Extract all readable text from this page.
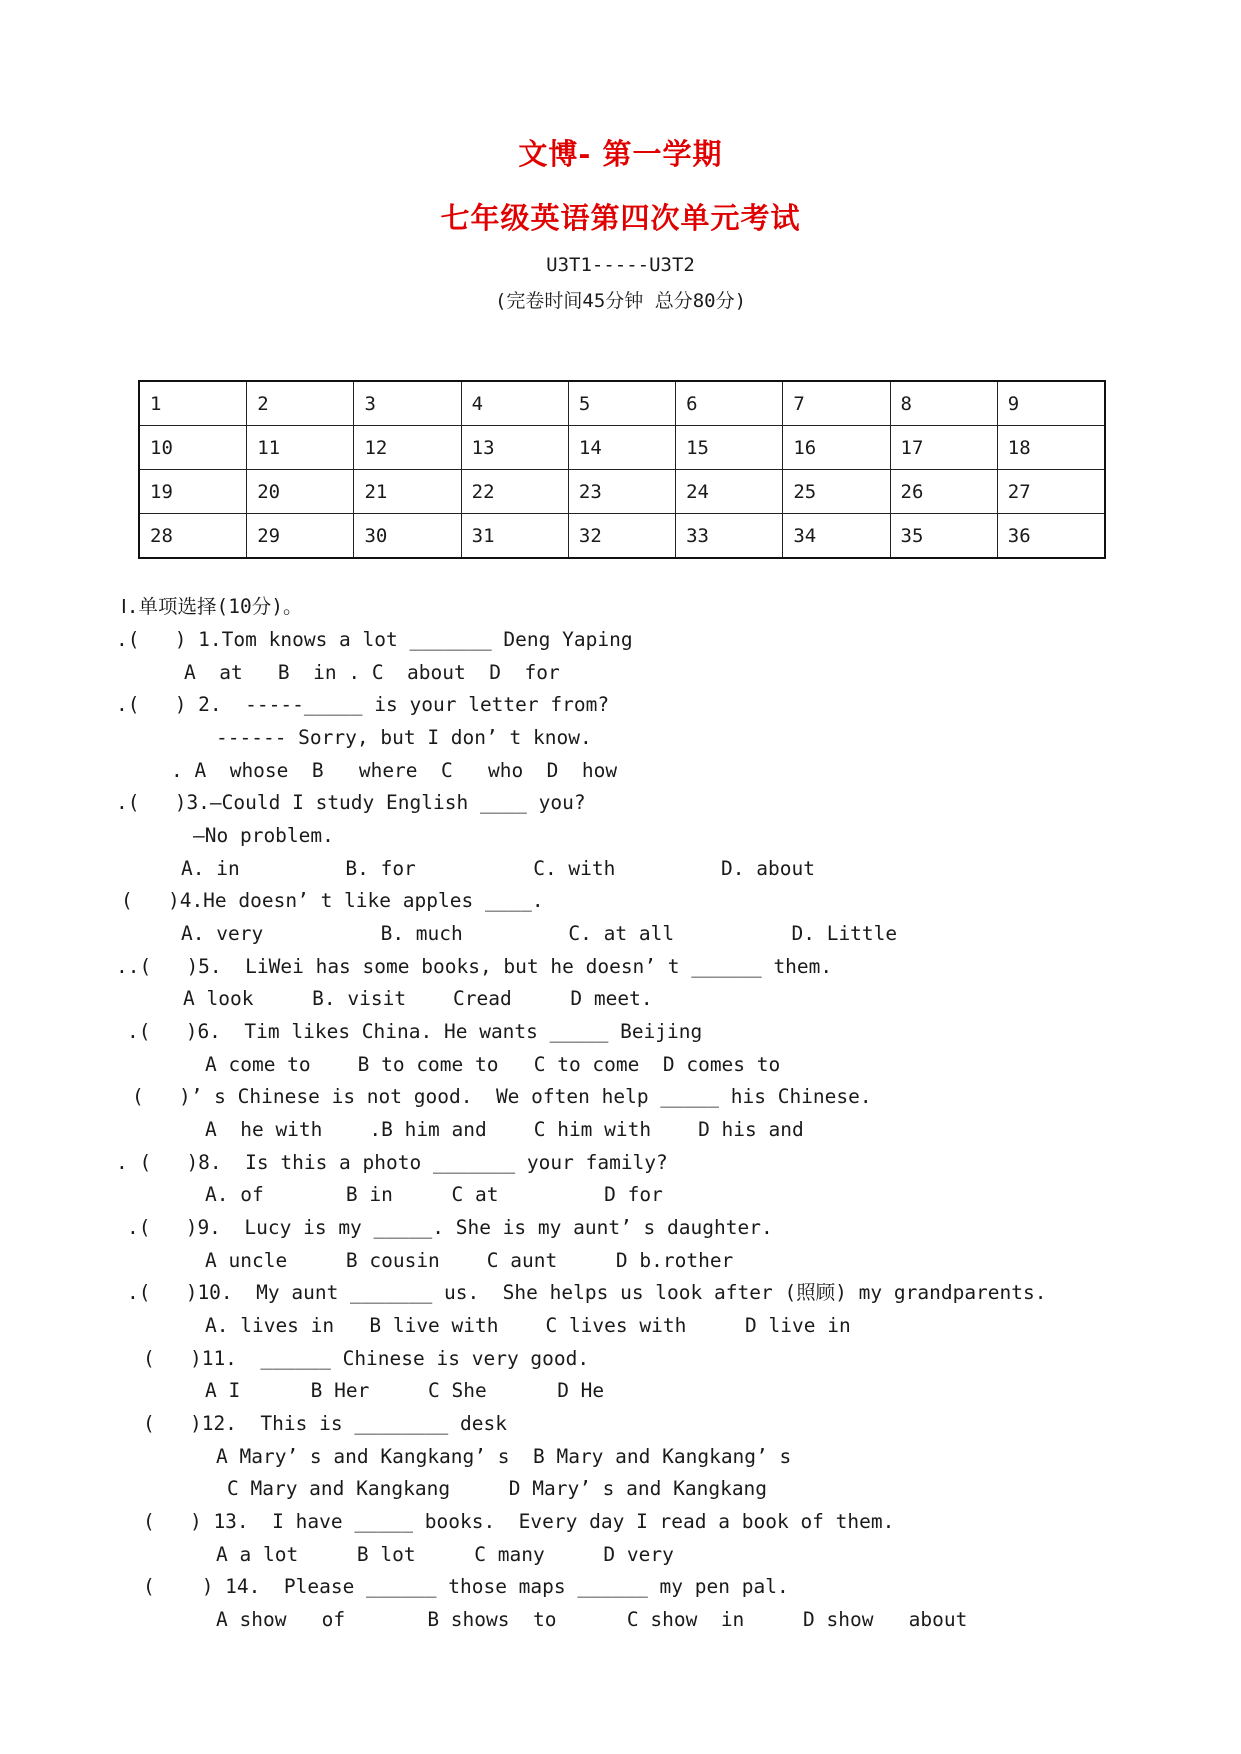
文博- 第一学期
七年级英语第四次单元考试
U3T1-----U3T2
(完卷时间45分钟 总分80分)
1	2	3	4	5	6	7	8	9
10	11	12	13	14	15	16	17	18
19	20	21	22	23	24	25	26	27
28	29	30	31	32	33	34	35	36
Ⅰ.单项选择(10分)。
.(   ) 1.Tom knows a lot _______ Deng Yaping
A  at   B  in . C  about  D  for
.(   ) 2.  -----_____ is your letter from?
------ Sorry, but I don’ t know.
. A  whose  B   where  C   who  D  how
.(   )3.—Could I study English ____ you?
—No problem.
A. in         B. for          C. with         D. about
(   )4.He doesn’ t like apples ____.
A. very          B. much         C. at all          D. Little
..(   )5.  LiWei has some books, but he doesn’ t ______ them.
A look     B. visit    Cread     D meet.
.(   )6.  Tim likes China. He wants _____ Beijing
A come to    B to come to   C to come  D comes to
(   )’ s Chinese is not good.  We often help _____ his Chinese.
A  he with    .B him and    C him with    D his and
. (   )8.  Is this a photo _______ your family?
A. of       B in     C at         D for
.(   )9.  Lucy is my _____. She is my aunt’ s daughter.
A uncle     B cousin    C aunt     D b.rother
.(   )10.  My aunt _______ us.  She helps us look after (照顾) my grandparents.
A. lives in   B live with    C lives with     D live in
(   )11.  ______ Chinese is very good.
A I      B Her     C She      D He
(   )12.  This is ________ desk
A Mary’ s and Kangkang’ s  B Mary and Kangkang’ s
C Mary and Kangkang     D Mary’ s and Kangkang
(   ) 13.  I have _____ books.  Every day I read a book of them.
A a lot     B lot     C many     D very
(    ) 14.  Please ______ those maps ______ my pen pal.
A show   of       B shows  to      C show  in     D show   about
